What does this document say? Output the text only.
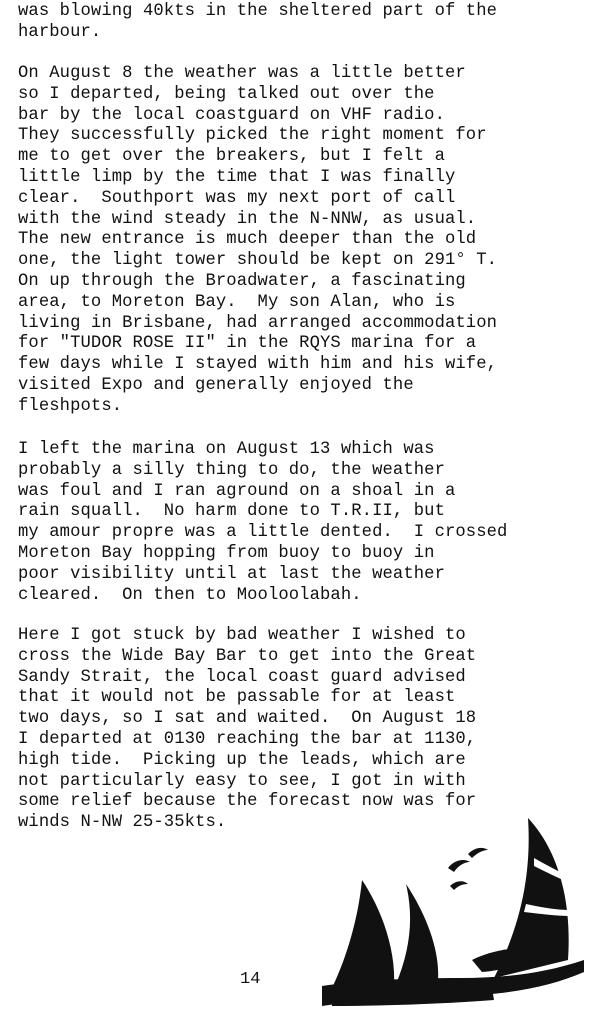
was blowing 40kts in the sheltered part of the
harbour.
On August 8 the weather was a little better
so I departed, being talked out over the
bar by the local coastguard on VHF radio.
They successfully picked the right moment for
me to get over the breakers, but I felt a
little limp by the time that I was finally
clear.  Southport was my next port of call
with the wind steady in the N-NNW, as usual.
The new entrance is much deeper than the old
one, the light tower should be kept on 291° T.
On up through the Broadwater, a fascinating
area, to Moreton Bay.  My son Alan, who is
living in Brisbane, had arranged accommodation
for "TUDOR ROSE II" in the RQYS marina for a
few days while I stayed with him and his wife,
visited Expo and generally enjoyed the
fleshpots.
I left the marina on August 13 which was
probably a silly thing to do, the weather
was foul and I ran aground on a shoal in a
rain squall.  No harm done to T.R.II, but
my amour propre was a little dented.  I crossed
Moreton Bay hopping from buoy to buoy in
poor visibility until at last the weather
cleared.  On then to Mooloolabah.
Here I got stuck by bad weather I wished to
cross the Wide Bay Bar to get into the Great
Sandy Strait, the local coast guard advised
that it would not be passable for at least
two days, so I sat and waited.  On August 18
I departed at 0130 reaching the bar at 1130,
high tide.  Picking up the leads, which are
not particularly easy to see, I got in with
some relief because the forecast now was for
winds N-NW 25-35kts.
14
